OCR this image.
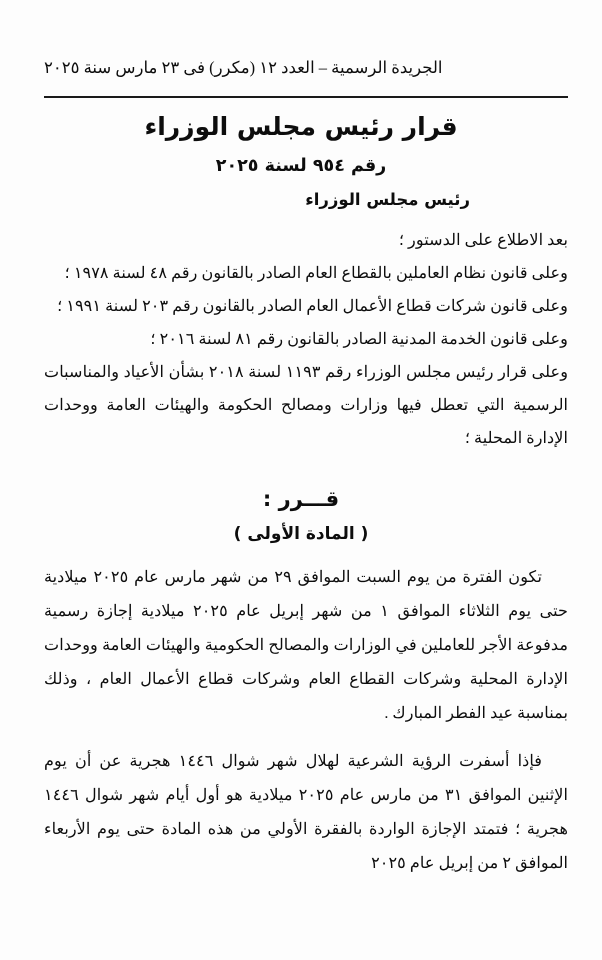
الجريدة الرسمية – العدد ١٢ (مكرر) فى ٢٣ مارس سنة ٢٠٢٥
قرار رئيس مجلس الوزراء
رقم ٩٥٤ لسنة ٢٠٢٥
رئيس مجلس الوزراء

بعد الاطلاع على الدستور ؛

وعلى قانون نظام العاملين بالقطاع العام الصادر بالقانون رقم ٤٨ لسنة ١٩٧٨ ؛

وعلى قانون شركات قطاع الأعمال العام الصادر بالقانون رقم ٢٠٣ لسنة ١٩٩١ ؛

وعلى قانون الخدمة المدنية الصادر بالقانون رقم ٨١ لسنة ٢٠١٦ ؛

وعلى قرار رئيس مجلس الوزراء رقم ١١٩٣ لسنة ٢٠١٨ بشأن الأعياد والمناسبات الرسمية التي تعطل فيها وزارات ومصالح الحكومة والهيئات العامة ووحدات الإدارة المحلية ؛

قـــرر :
( المادة الأولى )

تكون الفترة من يوم السبت الموافق ٢٩ من شهر مارس عام ٢٠٢٥ ميلادية حتى يوم الثلاثاء الموافق ١ من شهر إبريل عام ٢٠٢٥ ميلادية إجازة رسمية مدفوعة الأجر للعاملين في الوزارات والمصالح الحكومية والهيئات العامة ووحدات الإدارة المحلية وشركات القطاع العام وشركات قطاع الأعمال العام ، وذلك بمناسبة عيد الفطر المبارك .

فإذا أسفرت الرؤية الشرعية لهلال شهر شوال ١٤٤٦ هجرية عن أن يوم الإثنين الموافق ٣١ من مارس عام ٢٠٢٥ ميلادية هو أول أيام شهر شوال ١٤٤٦ هجرية ؛ فتمتد الإجازة الواردة بالفقرة الأولي من هذه المادة حتى يوم الأربعاء الموافق ٢ من إبريل عام ٢٠٢٥
